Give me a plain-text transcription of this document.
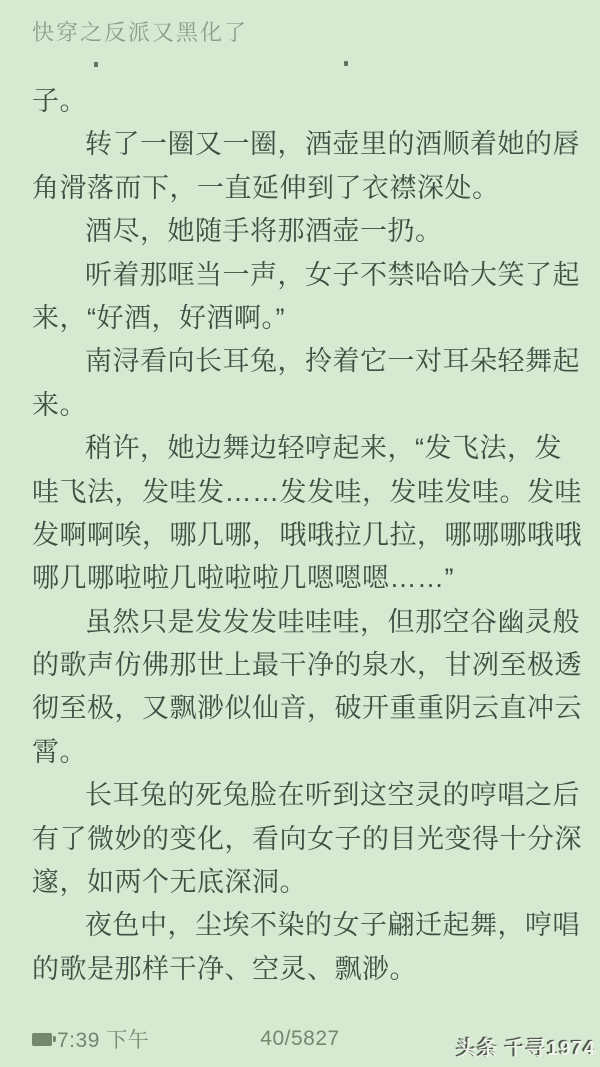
快穿之反派又黑化了
子。
转了一圈又一圈，酒壶里的酒顺着她的唇
角滑落而下，一直延伸到了衣襟深处。
酒尽，她随手将那酒壶一扔。
听着那哐当一声，女子不禁哈哈大笑了起
来，“好酒，好酒啊。”
南浔看向长耳兔，拎着它一对耳朵轻舞起
来。
稍许，她边舞边轻哼起来，“发飞法，发
哇飞法，发哇发……发发哇，发哇发哇。发哇
发啊啊唉，哪几哪，哦哦拉几拉，哪哪哪哦哦
哪几哪啦啦几啦啦啦几嗯嗯嗯……”
虽然只是发发发哇哇哇，但那空谷幽灵般
的歌声仿佛那世上最干净的泉水，甘冽至极透
彻至极，又飘渺似仙音，破开重重阴云直冲云
霄。
长耳兔的死兔脸在听到这空灵的哼唱之后
有了微妙的变化，看向女子的目光变得十分深
邃，如两个无底深洞。
夜色中，尘埃不染的女子翩迁起舞，哼唱
的歌是那样干净、空灵、飘渺。
7:39 下午	40/5827	头条 千寻1974
